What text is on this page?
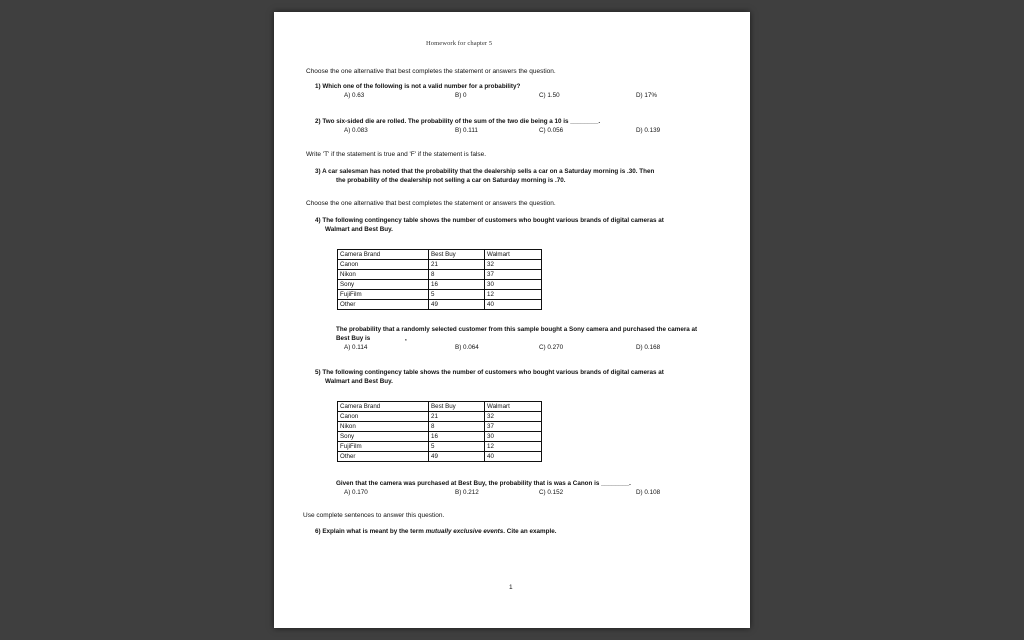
Homework for chapter 5
Choose the one alternative that best completes the statement or answers the question.
1) Which one of the following is not a valid number for a probability?
A) 0.63	B) 0	C) 1.50	D) 17%
2) Two six-sided die are rolled. The probability of the sum of the two die being a 10 is ________.
A) 0.083	B) 0.111	C) 0.056	D) 0.139
Write 'T' if the statement is true and 'F' if the statement is false.
3) A car salesman has noted that the probability that the dealership sells a car on a Saturday morning is .30. Then
the probability of the dealership not selling a car on Saturday morning is .70.
Choose the one alternative that best completes the statement or answers the question.
4) The following contingency table shows the number of customers who bought various brands of digital cameras at
Walmart and Best Buy.
Camera Brand	Best Buy	Walmart
Canon	21	32
Nikon	8	37
Sony	16	30
FujiFilm	5	12
Other	49	40
The probability that a randomly selected customer from this sample bought a Sony camera and purchased the camera at
Best Buy is	,
A) 0.114	B) 0.064	C) 0.270	D) 0.168
5) The following contingency table shows the number of customers who bought various brands of digital cameras at
Walmart and Best Buy.
Camera Brand	Best Buy	Walmart
Canon	21	32
Nikon	8	37
Sony	16	30
FujiFilm	5	12
Other	49	40
Given that the camera was purchased at Best Buy, the probability that is was a Canon is ________.
A) 0.170	B) 0.212	C) 0.152	D) 0.108
Use complete sentences to answer this question.
6) Explain what is meant by the term mutually exclusive events. Cite an example.
1
